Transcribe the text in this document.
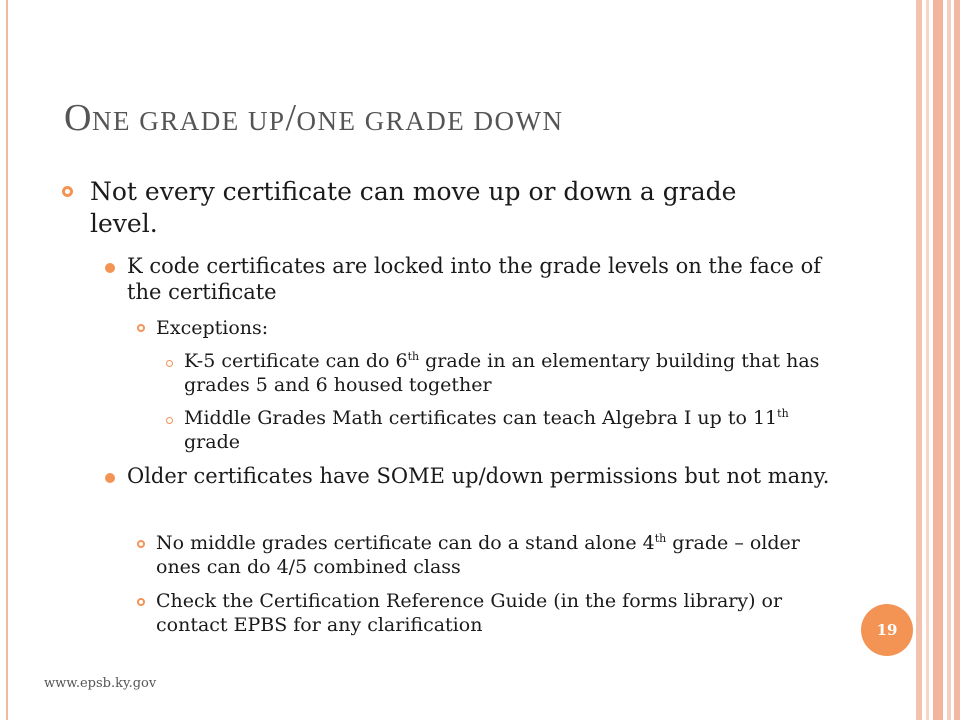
ONE GRADE UP/ONE GRADE DOWN

Not every certificate can move up or down a grade level.

K code certificates are locked into the grade levels on the face of the certificate

Exceptions:

K-5 certificate can do 6th grade in an elementary building that has grades 5 and 6 housed together

Middle Grades Math certificates can teach Algebra I up to 11th grade

Older certificates have SOME up/down permissions but not many.

No middle grades certificate can do a stand alone 4th grade – older ones can do 4/5 combined class

Check the Certification Reference Guide (in the forms library) or contact EPBS for any clarification	19
www.epsb.ky.gov
